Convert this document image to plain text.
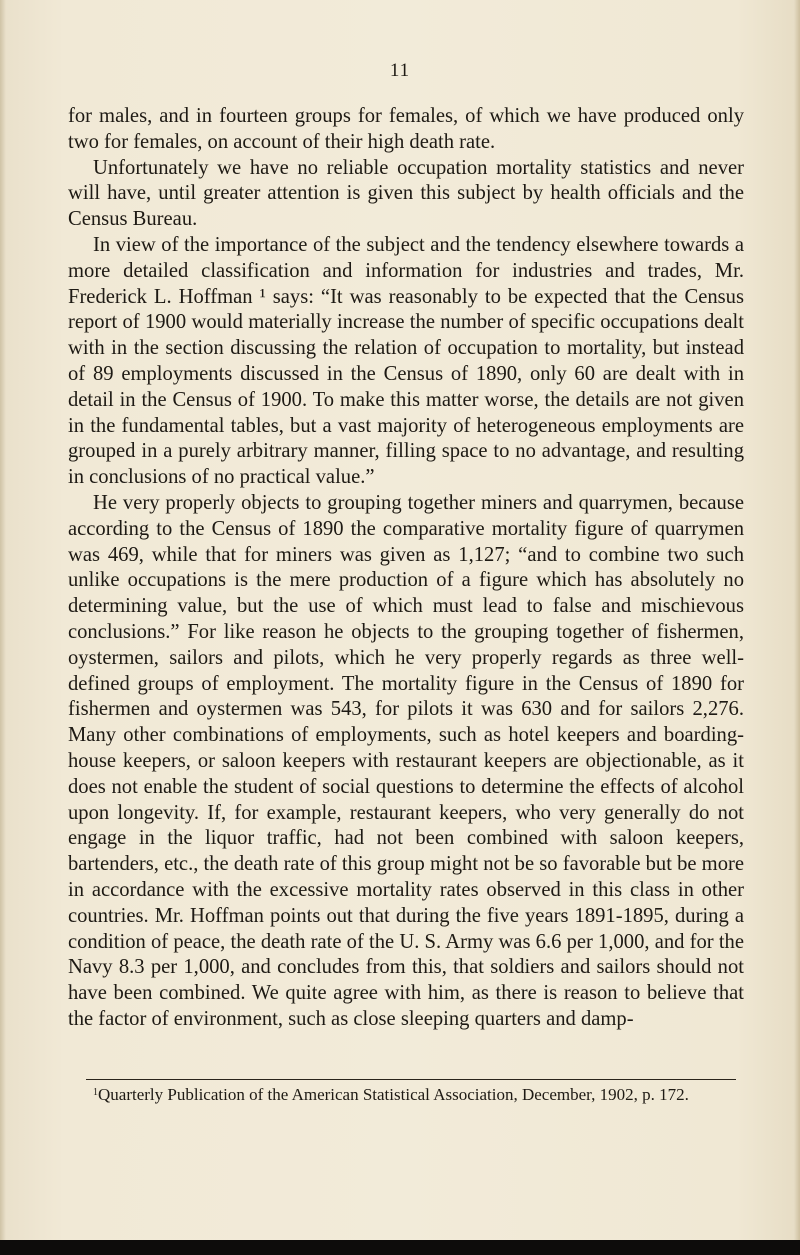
11

for males, and in fourteen groups for females, of which we have produced only two for females, on account of their high death rate.

Unfortunately we have no reliable occupation mortality statistics and never will have, until greater attention is given this subject by health officials and the Census Bureau.

In view of the importance of the subject and the tendency elsewhere towards a more detailed classification and information for industries and trades, Mr. Frederick L. Hoffman ¹ says: “It was reasonably to be expected that the Census report of 1900 would materially increase the number of specific occupations dealt with in the section discussing the relation of occupation to mortality, but instead of 89 employments discussed in the Census of 1890, only 60 are dealt with in detail in the Census of 1900. To make this matter worse, the details are not given in the fundamental tables, but a vast majority of heterogeneous employments are grouped in a purely arbitrary manner, filling space to no advantage, and resulting in conclusions of no practical value.”

He very properly objects to grouping together miners and quarrymen, because according to the Census of 1890 the comparative mortality figure of quarrymen was 469, while that for miners was given as 1,127; “and to combine two such unlike occupations is the mere production of a figure which has absolutely no determining value, but the use of which must lead to false and mischievous conclusions.” For like reason he objects to the grouping together of fishermen, oystermen, sailors and pilots, which he very properly regards as three well-defined groups of employment. The mortality figure in the Census of 1890 for fishermen and oystermen was 543, for pilots it was 630 and for sailors 2,276. Many other combinations of employments, such as hotel keepers and boarding-house keepers, or saloon keepers with restaurant keepers are objectionable, as it does not enable the student of social questions to determine the effects of alcohol upon longevity. If, for example, restaurant keepers, who very generally do not engage in the liquor traffic, had not been combined with saloon keepers, bartenders, etc., the death rate of this group might not be so favorable but be more in accordance with the excessive mortality rates observed in this class in other countries. Mr. Hoffman points out that during the five years 1891-1895, during a condition of peace, the death rate of the U. S. Army was 6.6 per 1,000, and for the Navy 8.3 per 1,000, and concludes from this, that soldiers and sailors should not have been combined. We quite agree with him, as there is reason to believe that the factor of environment, such as close sleeping quarters and damp-

$^1$Quarterly Publication of the American Statistical Association, December, 1902, p. 172.
